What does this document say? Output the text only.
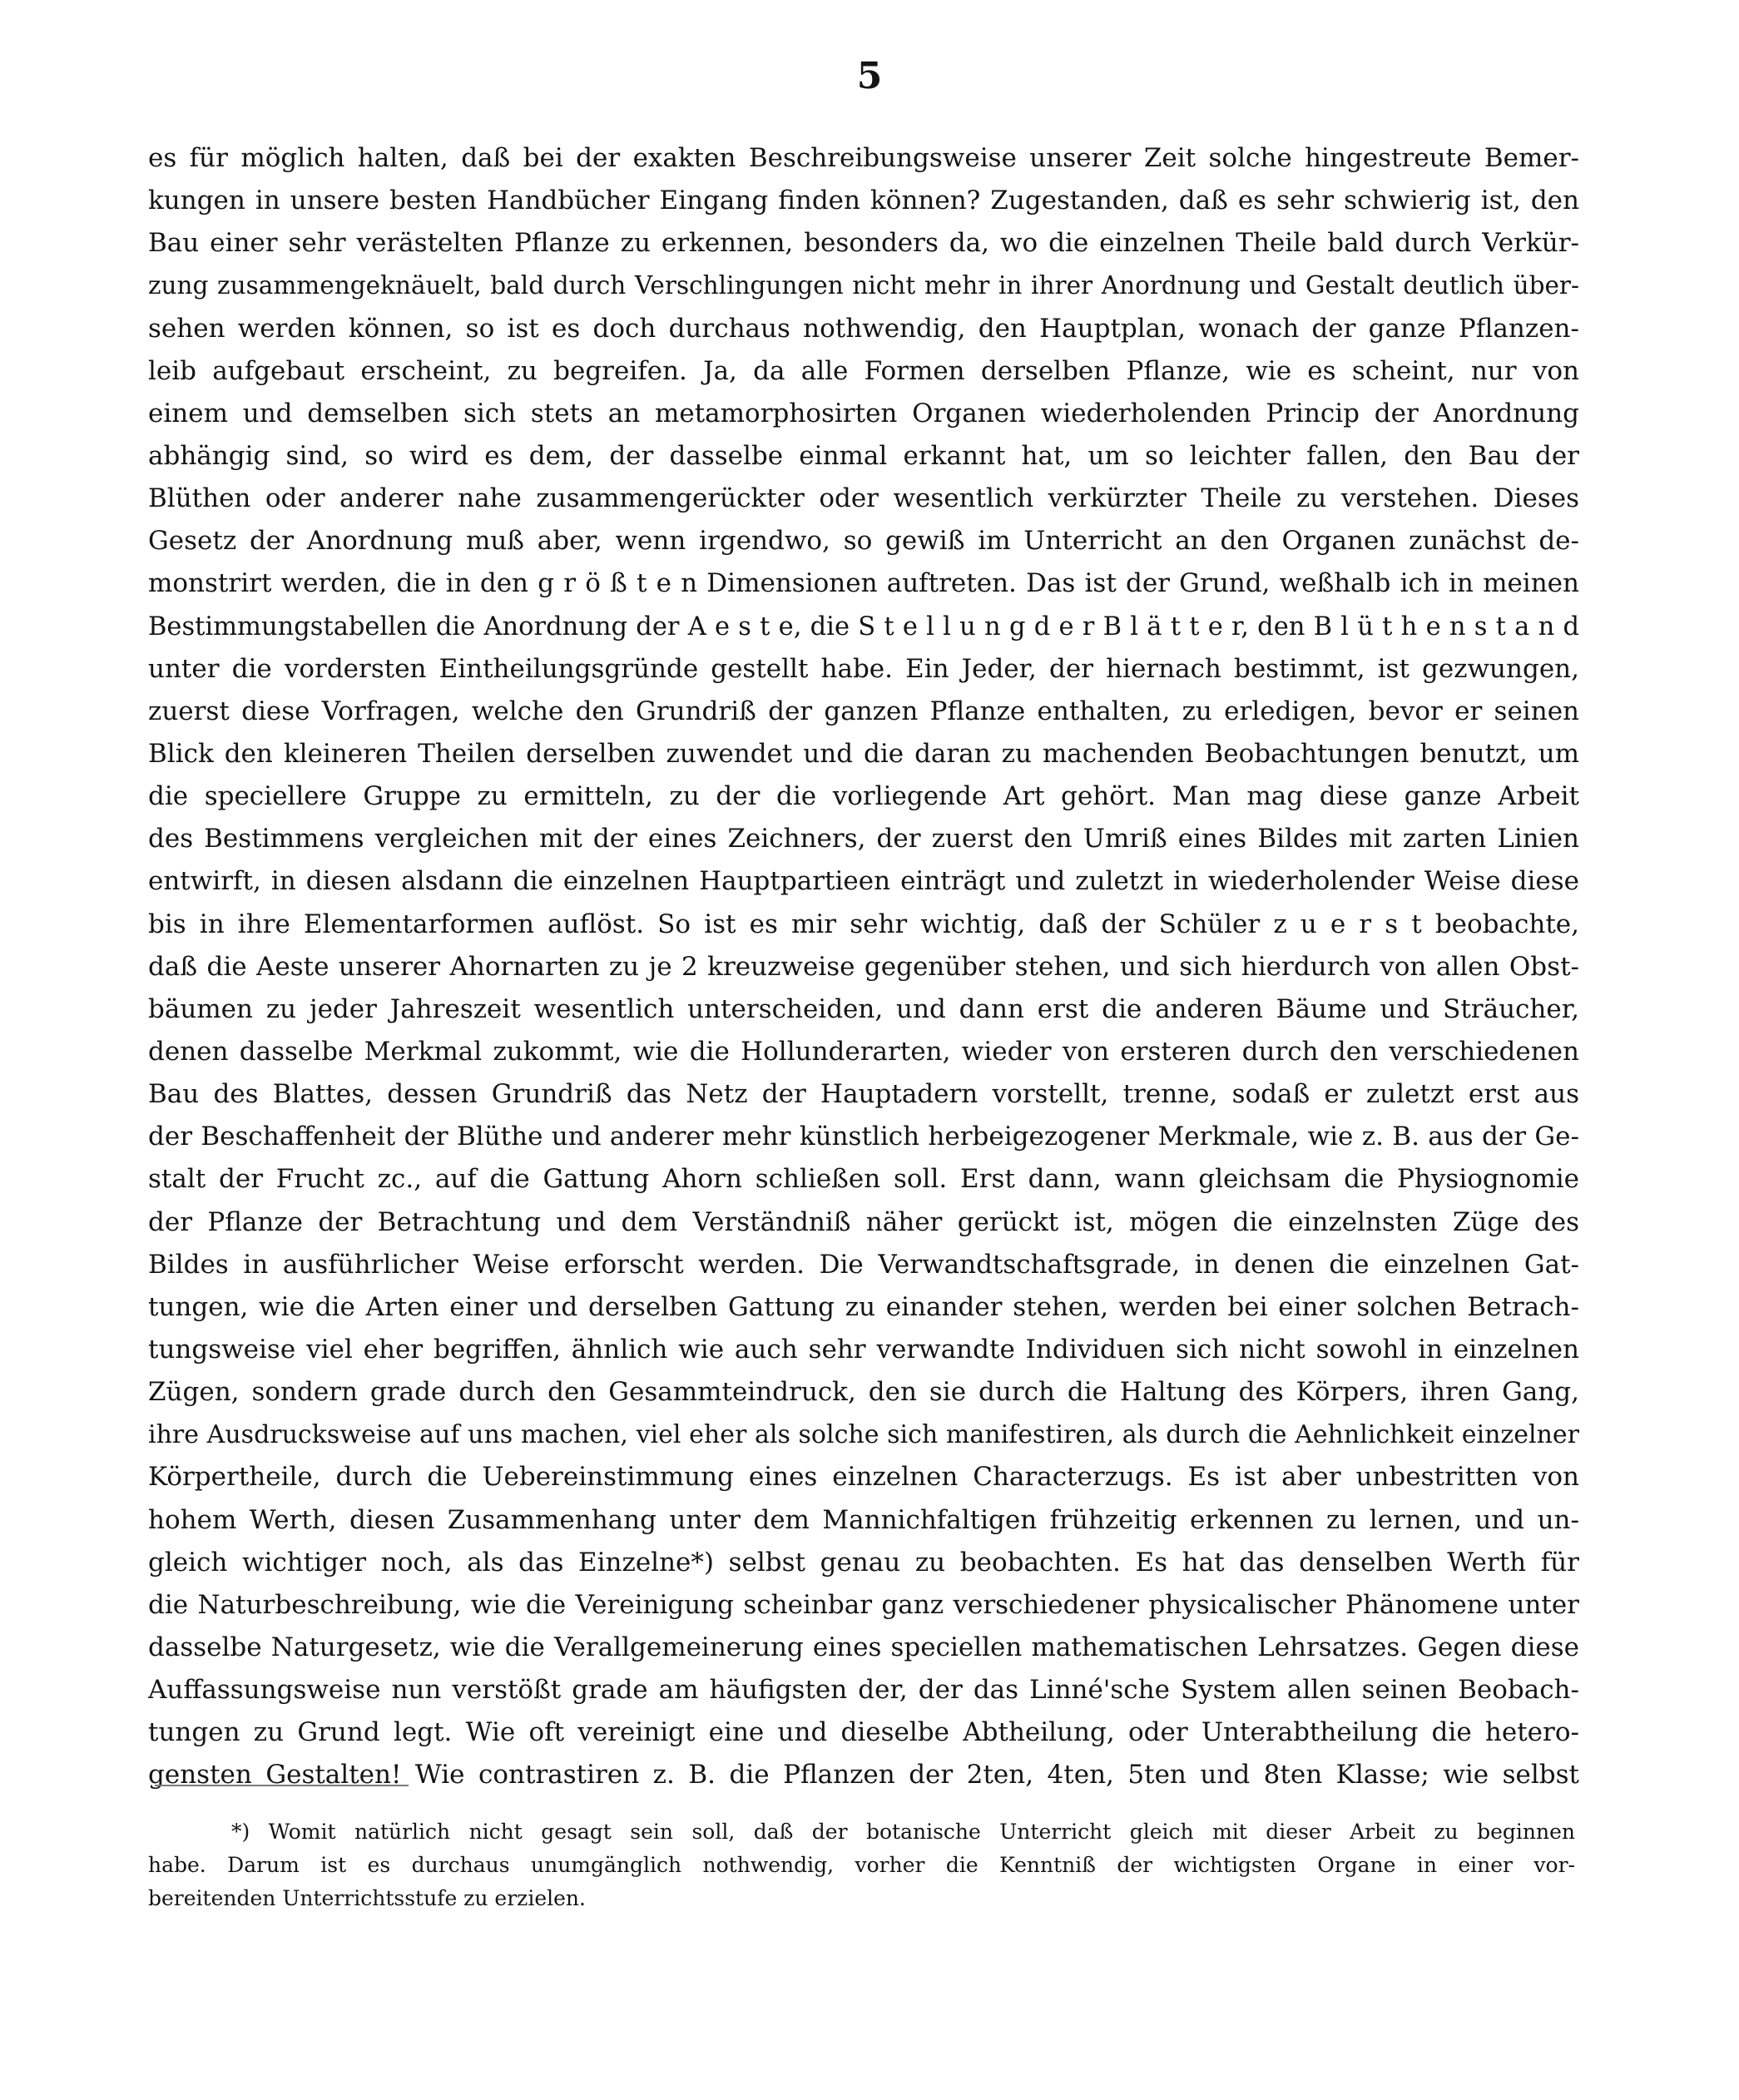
5
es für möglich halten, daß bei der exakten Beschreibungsweise unserer Zeit solche hingestreute Bemer-
kungen in unsere besten Handbücher Eingang finden können? Zugestanden, daß es sehr schwierig ist, den
Bau einer sehr verästelten Pflanze zu erkennen, besonders da, wo die einzelnen Theile bald durch Verkür-
zung zusammengeknäuelt, bald durch Verschlingungen nicht mehr in ihrer Anordnung und Gestalt deutlich über-
sehen werden können, so ist es doch durchaus nothwendig, den Hauptplan, wonach der ganze Pflanzen-
leib aufgebaut erscheint, zu begreifen. Ja, da alle Formen derselben Pflanze, wie es scheint, nur von
einem und demselben sich stets an metamorphosirten Organen wiederholenden Princip der Anordnung
abhängig sind, so wird es dem, der dasselbe einmal erkannt hat, um so leichter fallen, den Bau der
Blüthen oder anderer nahe zusammengerückter oder wesentlich verkürzter Theile zu verstehen. Dieses
Gesetz der Anordnung muß aber, wenn irgendwo, so gewiß im Unterricht an den Organen zunächst de-
monstrirt werden, die in den g r ö ß t e n Dimensionen auftreten. Das ist der Grund, weßhalb ich in meinen
Bestimmungstabellen die Anordnung der A e s t e, die S t e l l u n g d e r B l ä t t e r, den B l ü t h e n s t a n d
unter die vordersten Eintheilungsgründe gestellt habe. Ein Jeder, der hiernach bestimmt, ist gezwungen,
zuerst diese Vorfragen, welche den Grundriß der ganzen Pflanze enthalten, zu erledigen, bevor er seinen
Blick den kleineren Theilen derselben zuwendet und die daran zu machenden Beobachtungen benutzt, um
die speciellere Gruppe zu ermitteln, zu der die vorliegende Art gehört. Man mag diese ganze Arbeit
des Bestimmens vergleichen mit der eines Zeichners, der zuerst den Umriß eines Bildes mit zarten Linien
entwirft, in diesen alsdann die einzelnen Hauptpartieen einträgt und zuletzt in wiederholender Weise diese
bis in ihre Elementarformen auflöst. So ist es mir sehr wichtig, daß der Schüler z u e r s t beobachte,
daß die Aeste unserer Ahornarten zu je 2 kreuzweise gegenüber stehen, und sich hierdurch von allen Obst-
bäumen zu jeder Jahreszeit wesentlich unterscheiden, und dann erst die anderen Bäume und Sträucher,
denen dasselbe Merkmal zukommt, wie die Hollunderarten, wieder von ersteren durch den verschiedenen
Bau des Blattes, dessen Grundriß das Netz der Hauptadern vorstellt, trenne, sodaß er zuletzt erst aus
der Beschaffenheit der Blüthe und anderer mehr künstlich herbeigezogener Merkmale, wie z. B. aus der Ge-
stalt der Frucht zc., auf die Gattung Ahorn schließen soll. Erst dann, wann gleichsam die Physiognomie
der Pflanze der Betrachtung und dem Verständniß näher gerückt ist, mögen die einzelnsten Züge des
Bildes in ausführlicher Weise erforscht werden. Die Verwandtschaftsgrade, in denen die einzelnen Gat-
tungen, wie die Arten einer und derselben Gattung zu einander stehen, werden bei einer solchen Betrach-
tungsweise viel eher begriffen, ähnlich wie auch sehr verwandte Individuen sich nicht sowohl in einzelnen
Zügen, sondern grade durch den Gesammteindruck, den sie durch die Haltung des Körpers, ihren Gang,
ihre Ausdrucksweise auf uns machen, viel eher als solche sich manifestiren, als durch die Aehnlichkeit einzelner
Körpertheile, durch die Uebereinstimmung eines einzelnen Characterzugs. Es ist aber unbestritten von
hohem Werth, diesen Zusammenhang unter dem Mannichfaltigen frühzeitig erkennen zu lernen, und un-
gleich wichtiger noch, als das Einzelne*) selbst genau zu beobachten. Es hat das denselben Werth für
die Naturbeschreibung, wie die Vereinigung scheinbar ganz verschiedener physicalischer Phänomene unter
dasselbe Naturgesetz, wie die Verallgemeinerung eines speciellen mathematischen Lehrsatzes. Gegen diese
Auffassungsweise nun verstößt grade am häufigsten der, der das Linné'sche System allen seinen Beobach-
tungen zu Grund legt. Wie oft vereinigt eine und dieselbe Abtheilung, oder Unterabtheilung die hetero-
gensten Gestalten! Wie contrastiren z. B. die Pflanzen der 2ten, 4ten, 5ten und 8ten Klasse; wie selbst
*) Womit natürlich nicht gesagt sein soll, daß der botanische Unterricht gleich mit dieser Arbeit zu beginnen
habe. Darum ist es durchaus unumgänglich nothwendig, vorher die Kenntniß der wichtigsten Organe in einer vor-
bereitenden Unterrichtsstufe zu erzielen.
